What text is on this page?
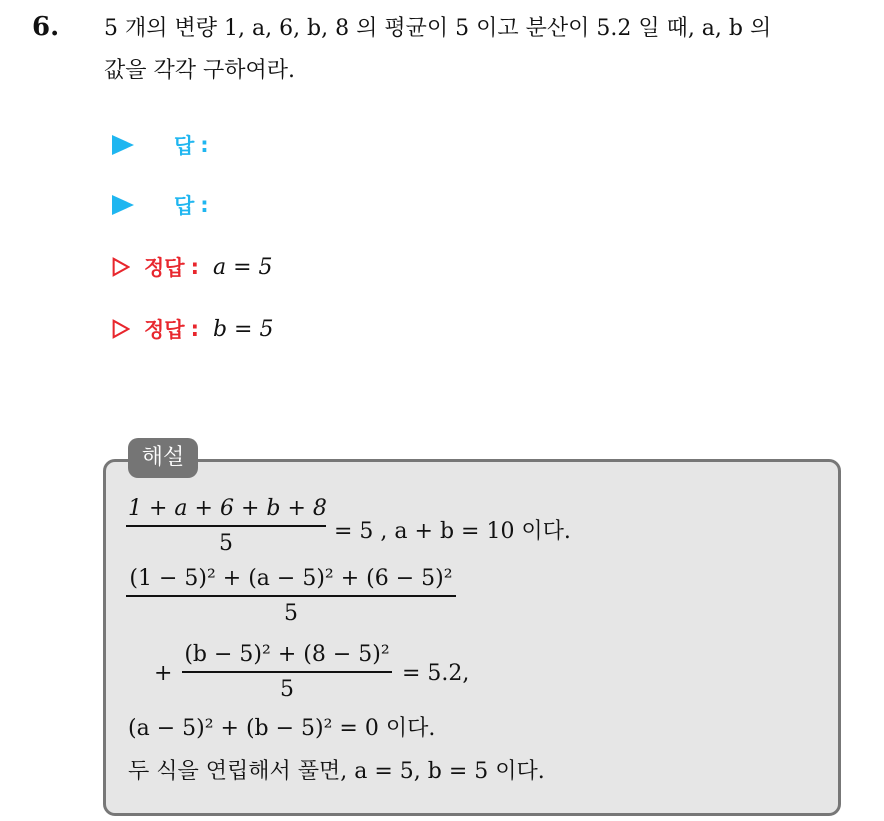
6. 5 개의 변량 1, a, 6, b, 8 의 평균이 5 이고 분산이 5.2 일 때, a, b 의
값을 각각 구하여라.
답 :
답 :
정답 : a = 5
정답 : b = 5
해설
1 + a + 6 + b + 8
5	= 5 , a + b = 10 이다.
(1 − 5)² + (a − 5)² + (6 − 5)²
5
+
(b − 5)² + (8 − 5)²
5
= 5.2,
(a − 5)² + (b − 5)² = 0 이다.
두 식을 연립해서 풀면, a = 5, b = 5 이다.
